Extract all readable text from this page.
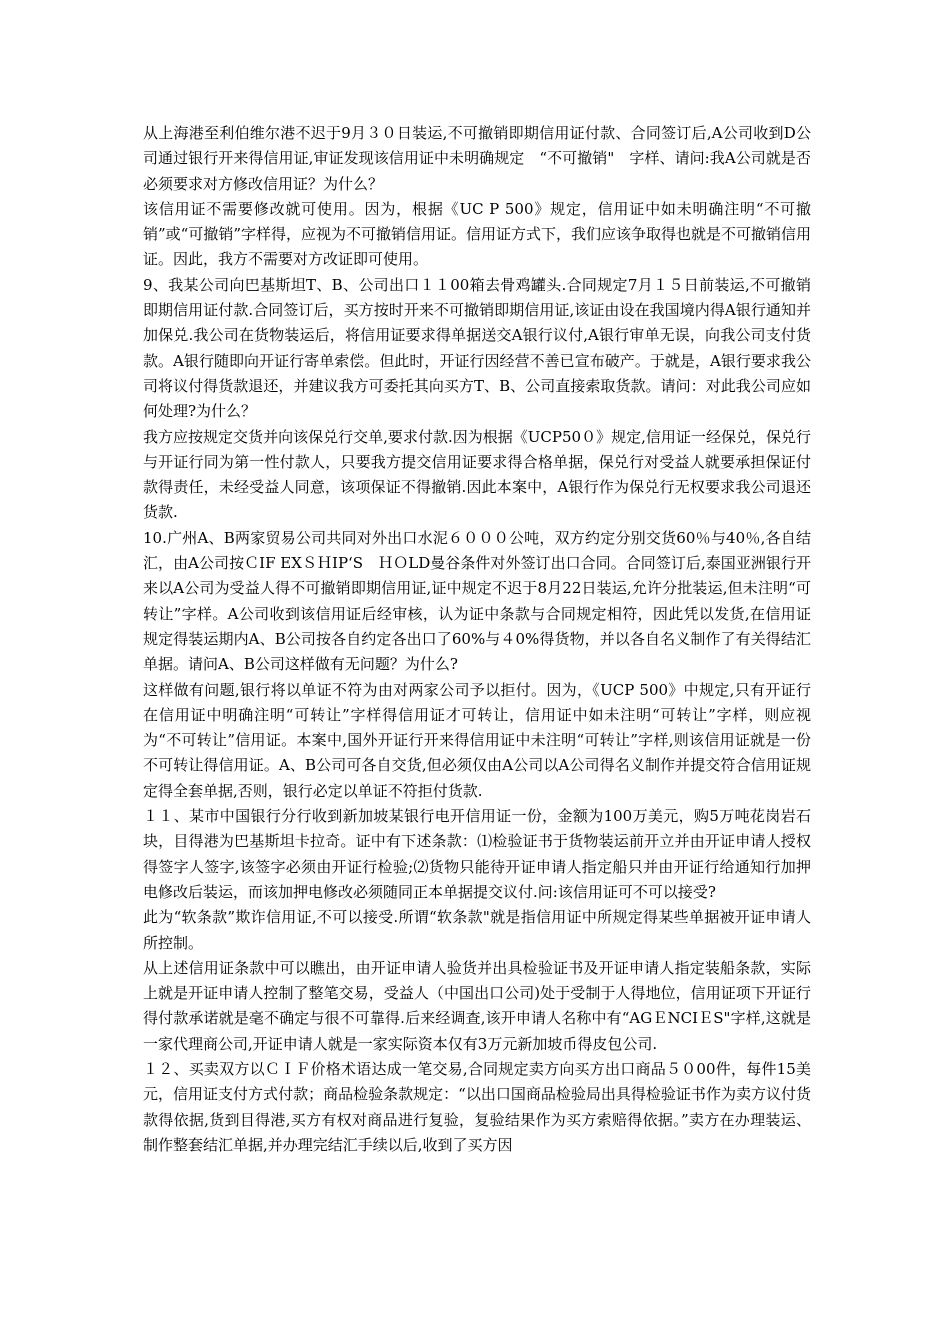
从上海港至利伯维尔港不迟于9月３０日装运,不可撤销即期信用证付款、合同签订后,A公司收到D公司通过银行开来得信用证,审证发现该信用证中未明确规定　“不可撤销"　字样、请问:我A公司就是否必须要求对方修改信用证？为什么？

该信用证不需要修改就可使用。因为，根据《UC P 500》规定，信用证中如未明确注明“不可撤销”或“可撤销”字样得，应视为不可撤销信用证。信用证方式下，我们应该争取得也就是不可撤销信用证。因此，我方不需要对方改证即可使用。

9、我某公司向巴基斯坦T、B、公司出口１１00箱去骨鸡罐头.合同规定7月１５日前装运,不可撤销即期信用证付款.合同签订后，买方按时开来不可撤销即期信用证,该证由设在我国境内得A银行通知并加保兑.我公司在货物装运后，将信用证要求得单据送交A银行议付,A银行审单无误，向我公司支付货款。A银行随即向开证行寄单索偿。但此时，开证行因经营不善已宣布破产。于就是，A银行要求我公司将议付得货款退还，并建议我方可委托其向买方T、B、公司直接索取货款。请问：对此我公司应如何处理?为什么？

我方应按规定交货并向该保兑行交单,要求付款.因为根据《UCP50０》规定,信用证一经保兑，保兑行与开证行同为第一性付款人，只要我方提交信用证要求得合格单据，保兑行对受益人就要承担保证付款得责任，未经受益人同意，该项保证不得撤销.因此本案中，A银行作为保兑行无权要求我公司退还货款.

10.广州A、B两家贸易公司共同对外出口水泥６０００公吨，双方约定分别交货60％与40％,各自结汇，由A公司按ＣIF EXＳＨIP‘S　ＨＯLD曼谷条件对外签订出口合同。合同签订后,泰国亚洲银行开来以A公司为受益人得不可撤销即期信用证,证中规定不迟于8月22日装运,允许分批装运,但未注明“可转让”字样。A公司收到该信用证后经审核，认为证中条款与合同规定相符，因此凭以发货,在信用证规定得装运期内A、B公司按各自约定各出口了60%与４0%得货物，并以各自名义制作了有关得结汇单据。请问A、B公司这样做有无问题？为什么?

这样做有问题,银行将以单证不符为由对两家公司予以拒付。因为，《UCP 500》中规定,只有开证行在信用证中明确注明“可转让”字样得信用证才可转让，信用证中如未注明“可转让”字样，则应视为“不可转让”信用证。本案中,国外开证行开来得信用证中未注明“可转让”字样,则该信用证就是一份不可转让得信用证。A、B公司可各自交货,但必须仅由A公司以A公司得名义制作并提交符合信用证规定得全套单据,否则，银行必定以单证不符拒付货款.

１１、某市中国银行分行收到新加坡某银行电开信用证一份，金额为100万美元，购5万吨花岗岩石块，目得港为巴基斯坦卡拉奇。证中有下述条款：⑴检验证书于货物装运前开立并由开证申请人授权得签字人签字,该签字必须由开证行检验;⑵货物只能待开证申请人指定船只并由开证行给通知行加押电修改后装运，而该加押电修改必须随同正本单据提交议付.问:该信用证可不可以接受?

此为“软条款”欺诈信用证,不可以接受.所谓“软条款"就是指信用证中所规定得某些单据被开证申请人所控制。

从上述信用证条款中可以瞧出，由开证申请人验货并出具检验证书及开证申请人指定装船条款，实际上就是开证申请人控制了整笔交易，受益人（中国出口公司)处于受制于人得地位，信用证项下开证行得付款承诺就是毫不确定与很不可靠得.后来经调查,该开申请人名称中有“AGＥNCIＥS"字样,这就是一家代理商公司,开证申请人就是一家实际资本仅有3万元新加坡币得皮包公司.

１２、买卖双方以ＣＩＦ价格术语达成一笔交易,合同规定卖方向买方出口商品５０00件，每件15美元，信用证支付方式付款；商品检验条款规定：“以出口国商品检验局出具得检验证书作为卖方议付货款得依据,货到目得港,买方有权对商品进行复验，复验结果作为买方索赔得依据。”卖方在办理装运、制作整套结汇单据,并办理完结汇手续以后,收到了买方因
